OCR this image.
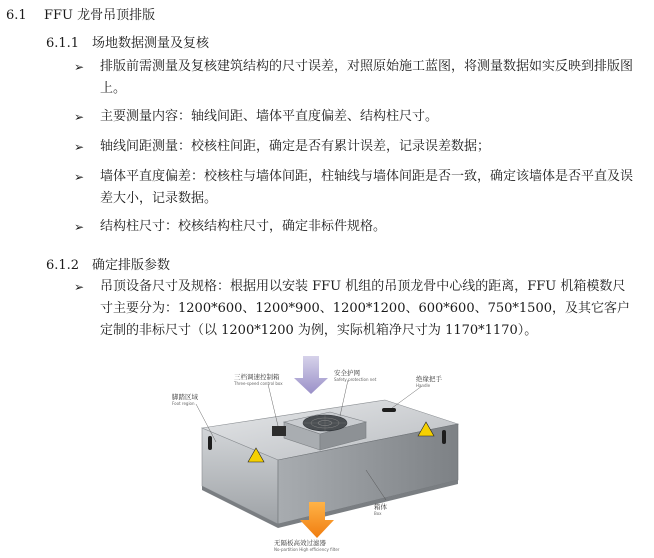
6.1 FFU 龙骨吊顶排版
6.1.1 场地数据测量及复核
➢ 排版前需测量及复核建筑结构的尺寸误差，对照原始施工蓝图，将测量数据如实反映到排版图上。
➢ 主要测量内容：轴线间距、墙体平直度偏差、结构柱尺寸。
➢ 轴线间距测量：校核柱间距，确定是否有累计误差，记录误差数据；
➢ 墙体平直度偏差：校核柱与墙体间距，柱轴线与墙体间距是否一致，确定该墙体是否平直及误差大小，记录数据。
➢ 结构柱尺寸：校核结构柱尺寸，确定非标件规格。
6.1.2 确定排版参数
➢ 吊顶设备尺寸及规格：根据用以安装 FFU 机组的吊顶龙骨中心线的距离，FFU 机箱模数尺寸主要分为：1200*600、1200*900、1200*1200、600*600、750*1500，及其它客户定制的非标尺寸（以 1200*1200 为例，实际机箱净尺寸为 1170*1170）。
三档调速控制箱
Three-speed control box
安全护网
Safety protection net	绝缘把手
Handle
脚踏区域
Foot region
箱体
Box
无隔板高效过滤器
No-partition High efficiency filter
